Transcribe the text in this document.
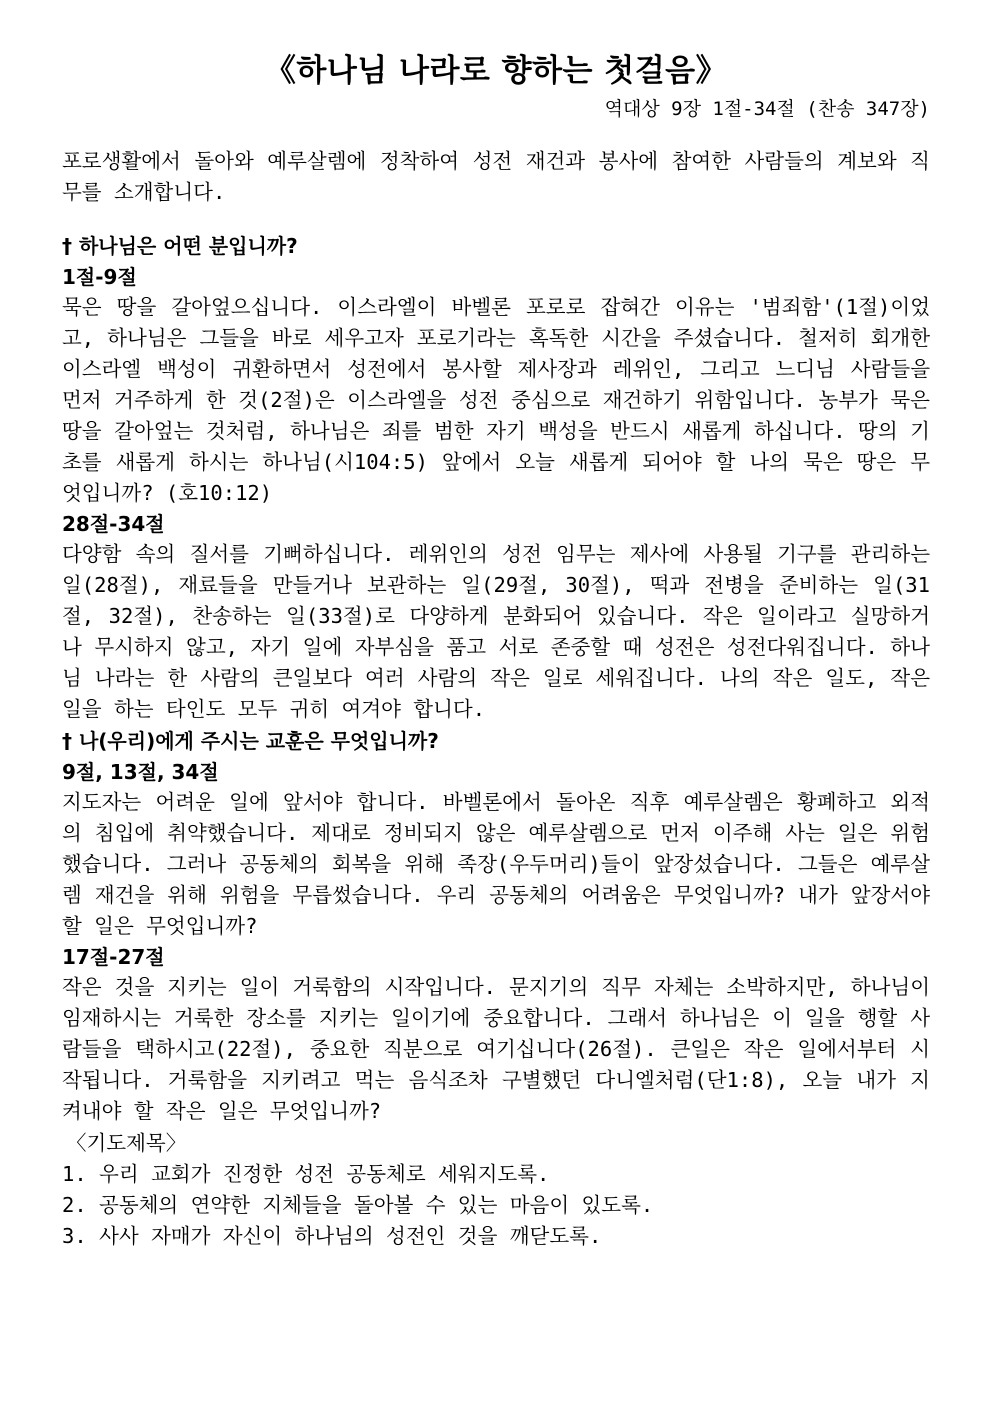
《하나님 나라로 향하는 첫걸음》

역대상 9장 1절-34절 (찬송 347장)

포로생활에서 돌아와 예루살렘에 정착하여 성전 재건과 봉사에 참여한 사람들의 계보와 직무를 소개합니다.

† 하나님은 어떤 분입니까?

1절-9절

묵은 땅을 갈아엎으십니다. 이스라엘이 바벨론 포로로 잡혀간 이유는 '범죄함'(1절)이었고, 하나님은 그들을 바로 세우고자 포로기라는 혹독한 시간을 주셨습니다. 철저히 회개한 이스라엘 백성이 귀환하면서 성전에서 봉사할 제사장과 레위인, 그리고 느디님 사람들을 먼저 거주하게 한 것(2절)은 이스라엘을 성전 중심으로 재건하기 위함입니다. 농부가 묵은 땅을 갈아엎는 것처럼, 하나님은 죄를 범한 자기 백성을 반드시 새롭게 하십니다. 땅의 기초를 새롭게 하시는 하나님(시104:5) 앞에서 오늘 새롭게 되어야 할 나의 묵은 땅은 무엇입니까? (호10:12)

28절-34절

다양함 속의 질서를 기뻐하십니다. 레위인의 성전 임무는 제사에 사용될 기구를 관리하는 일(28절), 재료들을 만들거나 보관하는 일(29절, 30절), 떡과 전병을 준비하는 일(31절, 32절), 찬송하는 일(33절)로 다양하게 분화되어 있습니다. 작은 일이라고 실망하거나 무시하지 않고, 자기 일에 자부심을 품고 서로 존중할 때 성전은 성전다워집니다. 하나님 나라는 한 사람의 큰일보다 여러 사람의 작은 일로 세워집니다. 나의 작은 일도, 작은 일을 하는 타인도 모두 귀히 여겨야 합니다.

† 나(우리)에게 주시는 교훈은 무엇입니까?

9절, 13절, 34절

지도자는 어려운 일에 앞서야 합니다. 바벨론에서 돌아온 직후 예루살렘은 황폐하고 외적의 침입에 취약했습니다. 제대로 정비되지 않은 예루살렘으로 먼저 이주해 사는 일은 위험했습니다. 그러나 공동체의 회복을 위해 족장(우두머리)들이 앞장섰습니다. 그들은 예루살렘 재건을 위해 위험을 무릅썼습니다. 우리 공동체의 어려움은 무엇입니까? 내가 앞장서야 할 일은 무엇입니까?

17절-27절

작은 것을 지키는 일이 거룩함의 시작입니다. 문지기의 직무 자체는 소박하지만, 하나님이 임재하시는 거룩한 장소를 지키는 일이기에 중요합니다. 그래서 하나님은 이 일을 행할 사람들을 택하시고(22절), 중요한 직분으로 여기십니다(26절). 큰일은 작은 일에서부터 시작됩니다. 거룩함을 지키려고 먹는 음식조차 구별했던 다니엘처럼(단1:8), 오늘 내가 지켜내야 할 작은 일은 무엇입니까?

〈기도제목〉

1. 우리 교회가 진정한 성전 공동체로 세워지도록.
2. 공동체의 연약한 지체들을 돌아볼 수 있는 마음이 있도록.
3. 사사 자매가 자신이 하나님의 성전인 것을 깨닫도록.
